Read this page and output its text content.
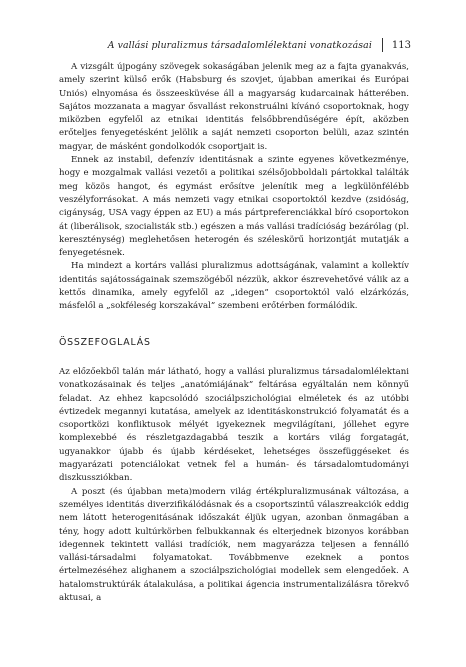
A vallási pluralizmus társadalomlélektani vonatkozásai	113

A vizsgált újpogány szövegek sokaságában jelenik meg az a fajta gyanakvás, amely szerint külső erők (Habsburg és szovjet, újabban amerikai és Európai Uniós) elnyomása és összeesküvése áll a magyarság kudarcainak hátterében. Sajátos mozzanata a magyar ősvallást rekonstruálni kívánó csoportoknak, hogy miközben egyfelől az etnikai identitás felsőbbrendűségére épít, aközben erőteljes fenyegetésként jelölik a saját nemzeti csoporton belüli, azaz szintén magyar, de másként gondolkodók csoportjait is.

Ennek az instabil, defenzív identitásnak a szinte egyenes következménye, hogy e mozgalmak vallási vezetői a politikai szélsőjobboldali pártokkal találták meg közös hangot, és egymást erősítve jelenítik meg a legkülönfélébb veszélyforrásokat. A más nemzeti vagy etnikai csoportoktól kezdve (zsidóság, cigányság, USA vagy éppen az EU) a más pártpreferenciákkal bíró csoportokon át (liberálisok, szocialisták stb.) egészen a más vallási tradícióság bezárólag (pl. kereszténység) meglehetősen heterogén és széleskörű horizontját mutatják a fenyegetésnek.

Ha mindezt a kortárs vallási pluralizmus adottságának, valamint a kollektív identitás sajátosságainak szemszögéből nézzük, akkor észrevehetővé válik az a kettős dinamika, amely egyfelől az „idegen” csoportoktól való elzárkózás, másfelől a „sokféleség korszakával” szembeni erőtérben formálódik.

ÖSSZEFOGLALÁS

Az előzőekből talán már látható, hogy a vallási pluralizmus társadalomlélektani vonatkozásainak és teljes „anatómiájának” feltárása egyáltalán nem könnyű feladat. Az ehhez kapcsolódó szociálpszichológiai elméletek és az utóbbi évtizedek megannyi kutatása, amelyek az identitáskonstrukció folyamatát és a csoportközi konfliktusok mélyét igyekeznek megvilágítani, jóllehet egyre komplexebbé és részletgazdagabbá teszik a kortárs világ forgatagát, ugyanakkor újabb és újabb kérdéseket, lehetséges összefüggéseket és magyarázati potenciálokat vetnek fel a humán- és társadalomtudományi diszkussziókban.

A poszt (és újabban meta)modern világ értékpluralizmusának változása, a személyes identitás diverzifikálódásnak és a csoportszintű válaszreakciók eddig nem látott heterogenitásának időszakát éljük ugyan, azonban önmagában a tény, hogy adott kultúrkörben felbukkannak és elterjednek bizonyos korábban idegennek tekintett vallási tradíciók, nem magyarázza teljesen a fennálló vallási-társadalmi folyamatokat. Továbbmenve ezeknek a pontos értelmezéséhez alighanem a szociálpszichológiai modellek sem elengedőek. A hatalomstruktúrák átalakulása, a politikai ágencia instrumentalizálásra törekvő aktusai, a
